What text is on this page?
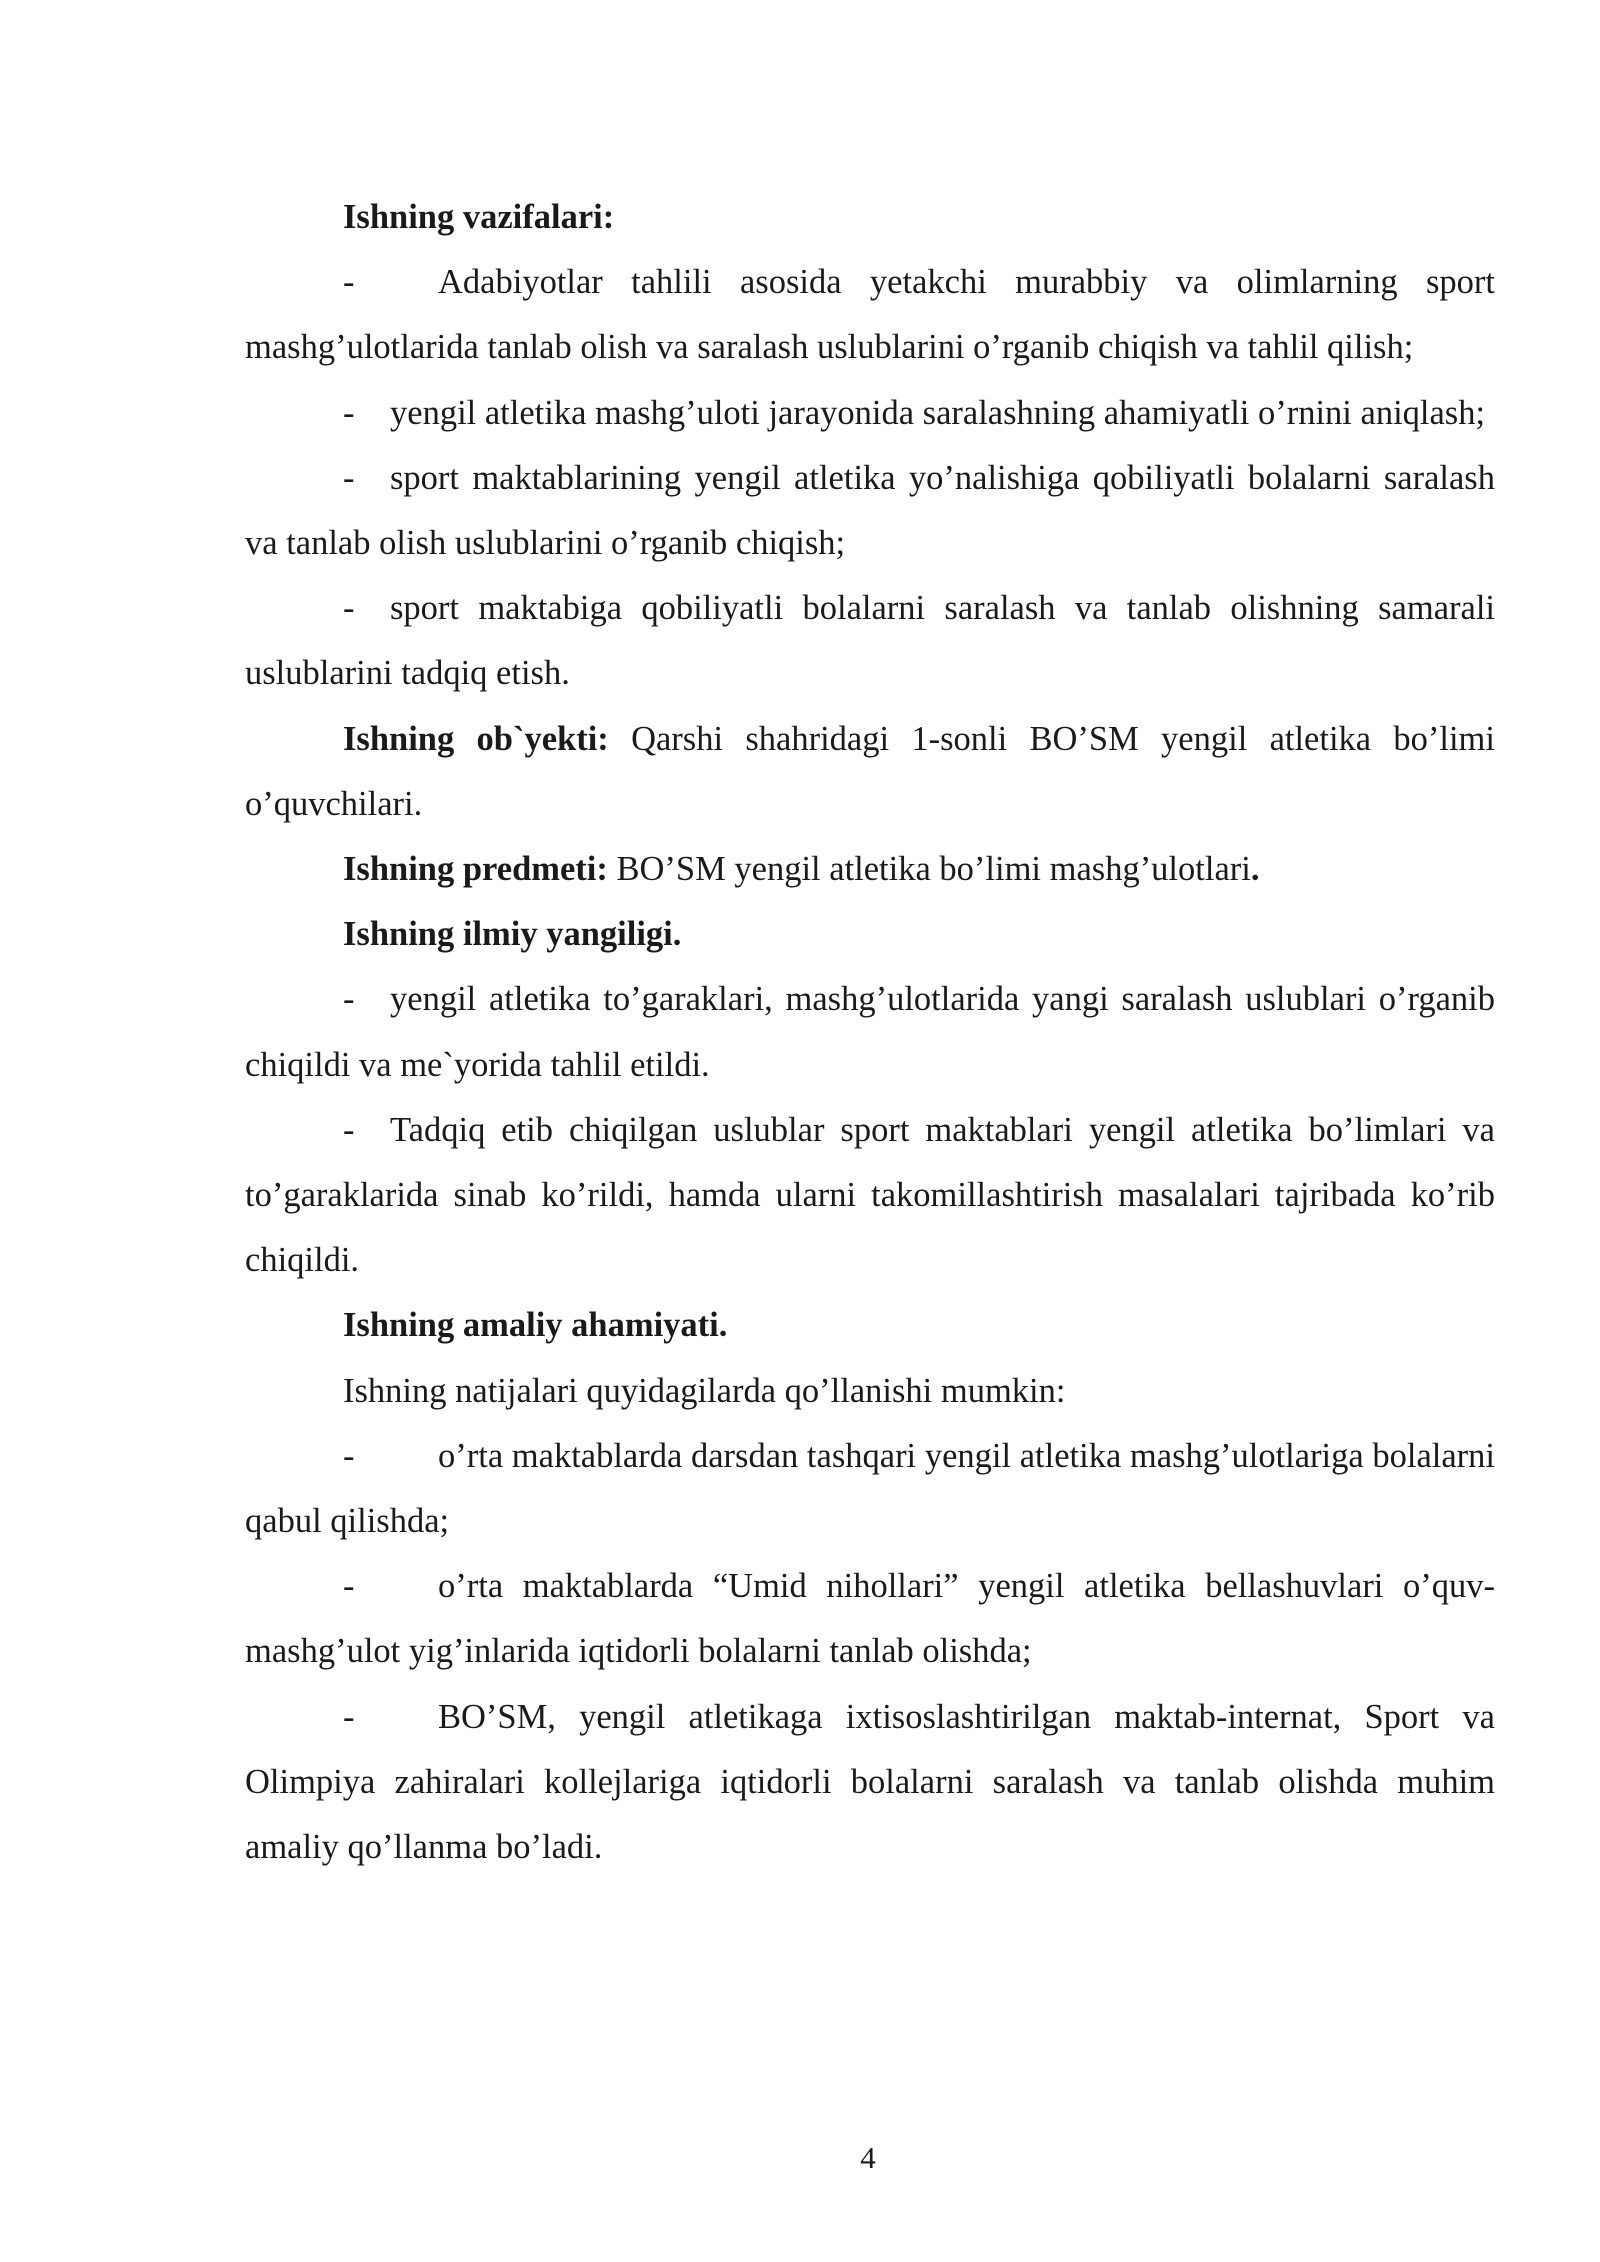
Ishning vazifalari:

- Adabiyotlar tahlili asosida yetakchi murabbiy va olimlarning sport mashg’ulotlarida tanlab olish va saralash uslublarini o’rganib chiqish va tahlil qilish;

- yengil atletika mashg’uloti jarayonida saralashning ahamiyatli o’rnini aniqlash;

- sport maktablarining yengil atletika yo’nalishiga qobiliyatli bolalarni saralash va tanlab olish uslublarini o’rganib chiqish;

- sport maktabiga qobiliyatli bolalarni saralash va tanlab olishning samarali uslublarini tadqiq etish.

Ishning ob`yekti: Qarshi shahridagi 1-sonli BO’SM yengil atletika bo’limi o’quvchilari.

Ishning predmeti: BO’SM yengil atletika bo’limi mashg’ulotlari.

Ishning ilmiy yangiligi.

- yengil atletika to’garaklari, mashg’ulotlarida yangi saralash uslublari o’rganib chiqildi va me`yorida tahlil etildi.

- Tadqiq etib chiqilgan uslublar sport maktablari yengil atletika bo’limlari va to’garaklarida sinab ko’rildi, hamda ularni takomillashtirish masalalari tajribada ko’rib chiqildi.

Ishning amaliy ahamiyati.

Ishning natijalari quyidagilarda qo’llanishi mumkin:

- o’rta maktablarda darsdan tashqari yengil atletika mashg’ulotlariga bolalarni qabul qilishda;

- o’rta maktablarda “Umid nihollari” yengil atletika bellashuvlari o’quv-mashg’ulot yig’inlarida iqtidorli bolalarni tanlab olishda;

- BO’SM, yengil atletikaga ixtisoslashtirilgan maktab-internat, Sport va Olimpiya zahiralari kollejlariga iqtidorli bolalarni saralash va tanlab olishda muhim amaliy qo’llanma bo’ladi.

4
